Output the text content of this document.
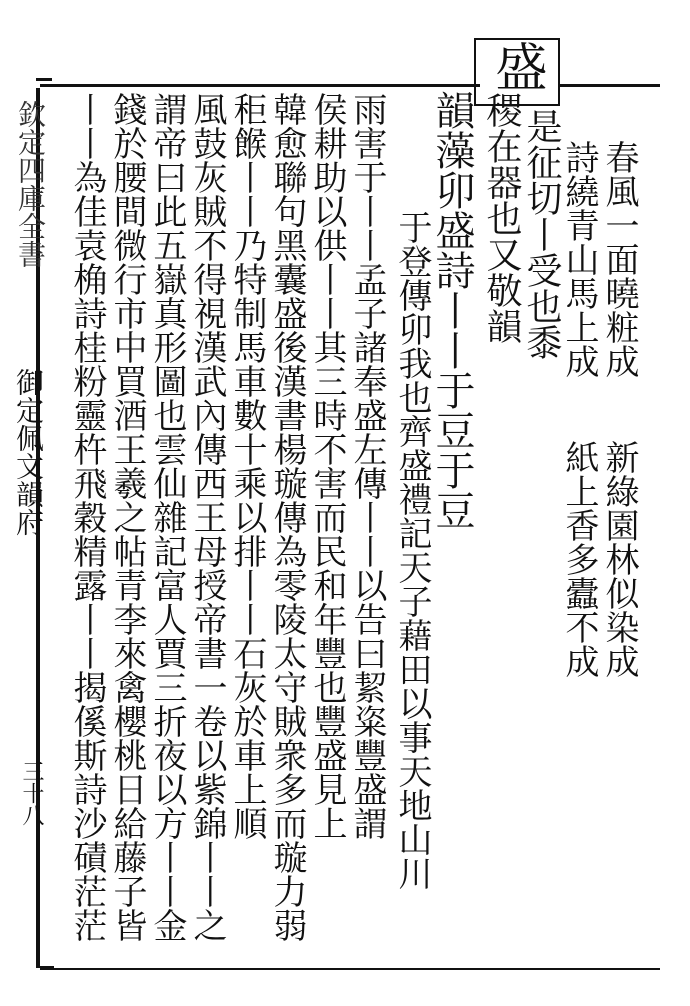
欽定四庫全書
御定佩文韻府
三十八
盛
是征切丨受也黍
稷在器也又敬韻
韻藻卯盛詩丨丨于豆于豆
于登傳卯我也齊盛禮記天子藉田以事天地山川
雨害于丨丨孟子諸奉盛左傳丨丨以告曰絜粢豐盛謂
侯耕助以供丨丨其三時不害而民和年豐也豐盛見上
韓愈聯句黑囊盛後漢書楊璇傳為零陵太守賊衆多而璇力弱
秬餱丨丨乃特制馬車數十乘以排丨丨石灰於車上順
風鼓灰賊不得視漢武內傳西王母授帝書一卷以紫錦丨丨之
謂帝曰此五嶽真形圖也雲仙雜記富人賈三折夜以方丨丨金
錢於腰間微行市中買酒王羲之帖青李來禽櫻桃日給藤子皆
丨丨為佳袁桷詩桂粉靈杵飛穀精露丨丨揭傒斯詩沙磧茫茫	春風一面曉粧成
詩繞青山馬上成
新綠園林似染成
紙上香多蠹不成
